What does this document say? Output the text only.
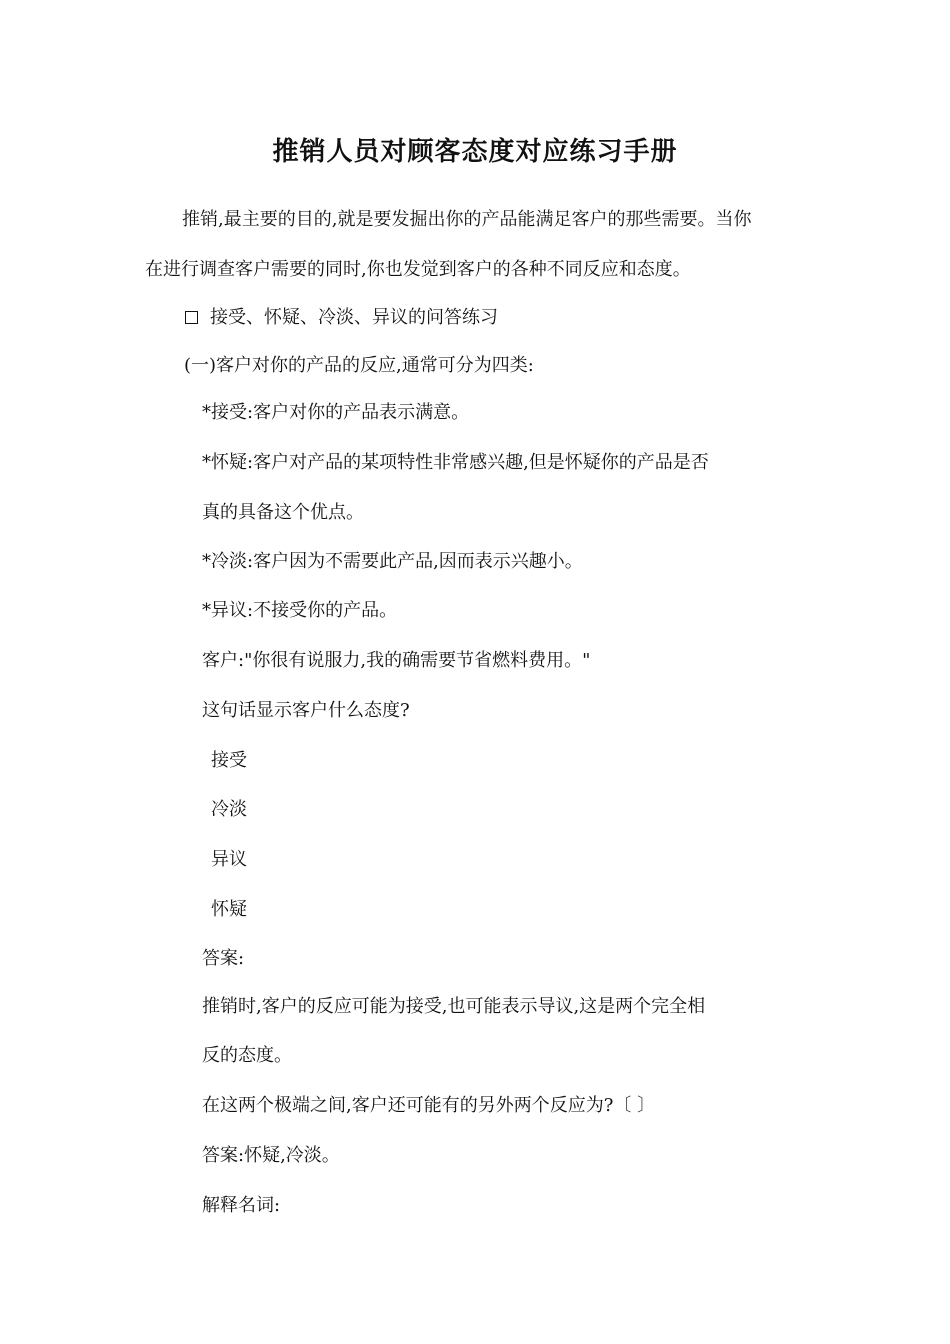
推销人员对顾客态度对应练习手册
推销,最主要的目的,就是要发掘出你的产品能满足客户的那些需要。当你
在进行调查客户需要的同时,你也发觉到客户的各种不同反应和态度。
接受、怀疑、冷淡、异议的问答练习
(一)客户对你的产品的反应,通常可分为四类:
*接受:客户对你的产品表示满意。
*怀疑:客户对产品的某项特性非常感兴趣,但是怀疑你的产品是否
真的具备这个优点。
*冷淡:客户因为不需要此产品,因而表示兴趣小。
*异议:不接受你的产品。
客户:"你很有说服力,我的确需要节省燃料费用。"
这句话显示客户什么态度?
接受
冷淡
异议
怀疑
答案:
推销时,客户的反应可能为接受,也可能表示导议,这是两个完全相
反的态度。
在这两个极端之间,客户还可能有的另外两个反应为?〔 〕
答案:怀疑,冷淡。
解释名词:
